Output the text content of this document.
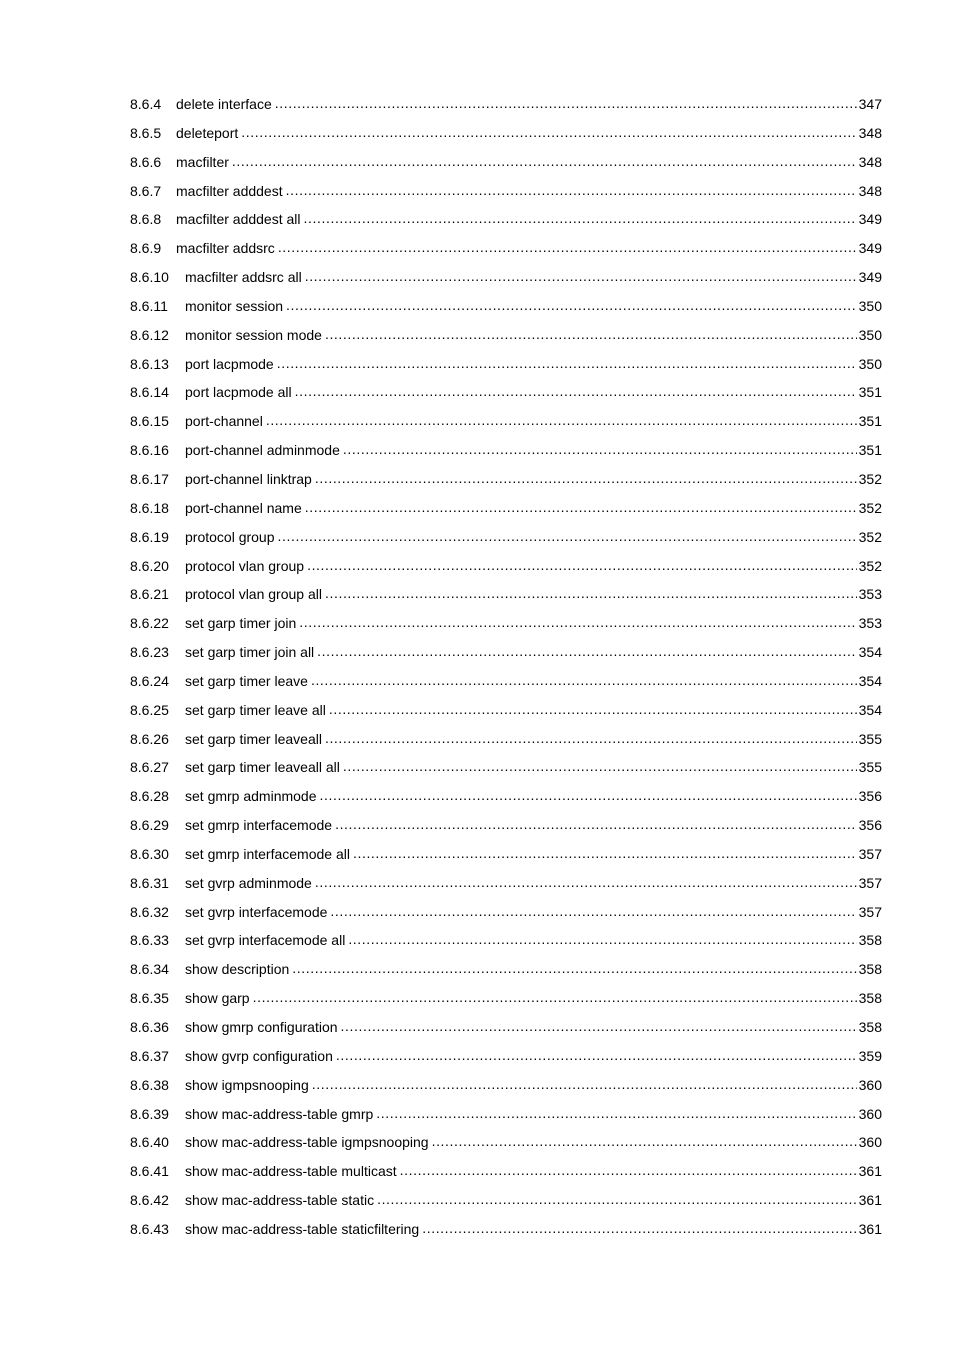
8.6.4	delete interface .....	347
8.6.5	deleteport .....	348
8.6.6	macfilter .....	348
8.6.7	macfilter adddest .....	348
8.6.8	macfilter adddest all .....	349
8.6.9	macfilter addsrc .....	349
8.6.10	macfilter addsrc all .....	349
8.6.11	monitor session .....	350
8.6.12	monitor session mode .....	350
8.6.13	port lacpmode .....	350
8.6.14	port lacpmode all .....	351
8.6.15	port-channel .....	351
8.6.16	port-channel adminmode .....	351
8.6.17	port-channel linktrap .....	352
8.6.18	port-channel name .....	352
8.6.19	protocol group .....	352
8.6.20	protocol vlan group .....	352
8.6.21	protocol vlan group all .....	353
8.6.22	set garp timer join .....	353
8.6.23	set garp timer join all .....	354
8.6.24	set garp timer leave .....	354
8.6.25	set garp timer leave all .....	354
8.6.26	set garp timer leaveall .....	355
8.6.27	set garp timer leaveall all .....	355
8.6.28	set gmrp adminmode .....	356
8.6.29	set gmrp interfacemode .....	356
8.6.30	set gmrp interfacemode all .....	357
8.6.31	set gvrp adminmode .....	357
8.6.32	set gvrp interfacemode .....	357
8.6.33	set gvrp interfacemode all .....	358
8.6.34	show description .....	358
8.6.35	show garp .....	358
8.6.36	show gmrp configuration .....	358
8.6.37	show gvrp configuration .....	359
8.6.38	show igmpsnooping .....	360
8.6.39	show mac-address-table gmrp .....	360
8.6.40	show mac-address-table igmpsnooping .....	360
8.6.41	show mac-address-table multicast .....	361
8.6.42	show mac-address-table static .....	361
8.6.43	show mac-address-table staticfiltering .....	361
